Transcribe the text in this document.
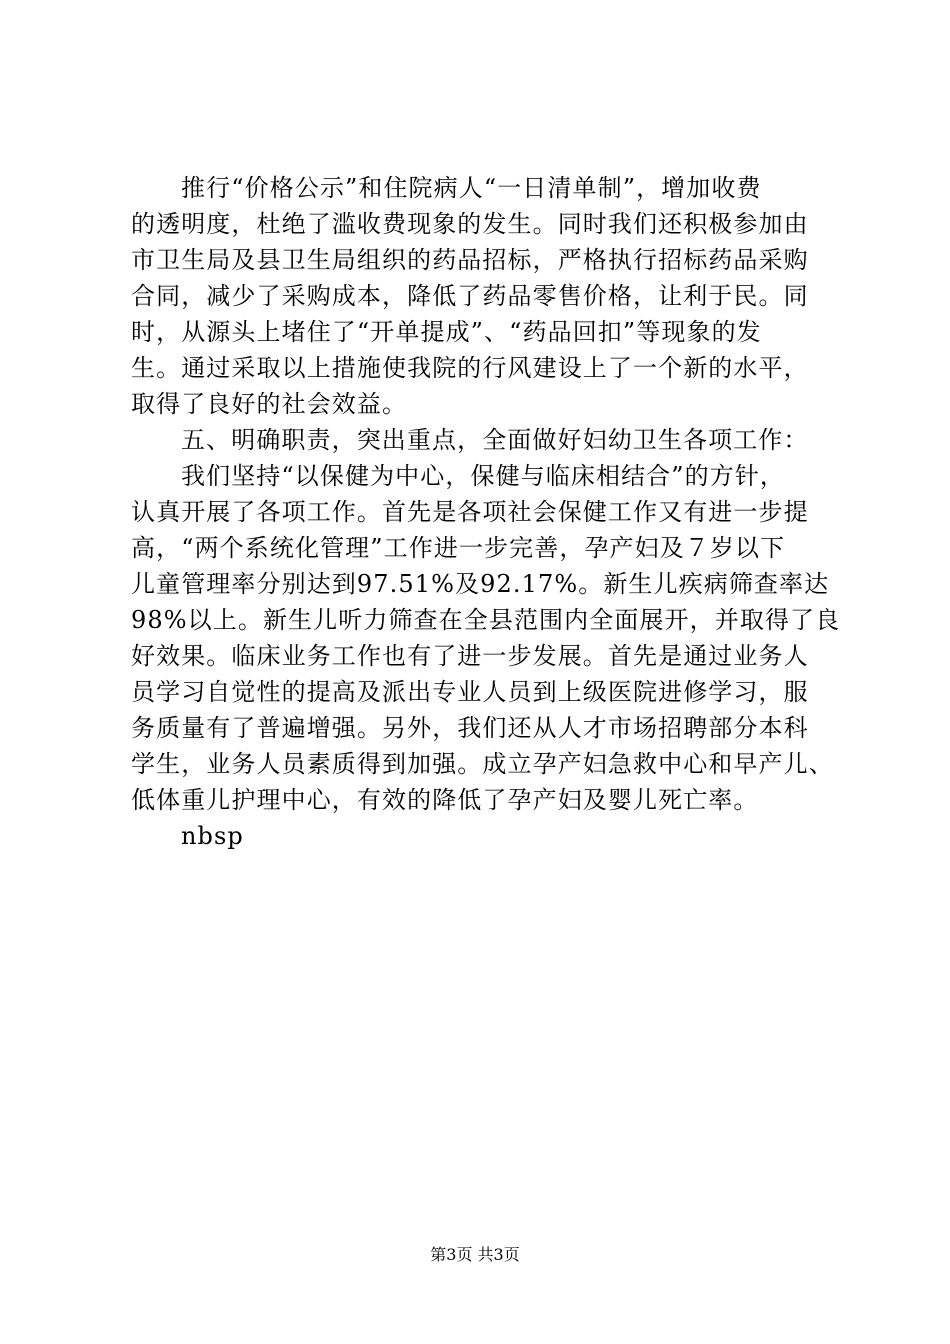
推行“价格公示”和住院病人“一日清单制”，增加收费
的透明度，杜绝了滥收费现象的发生。同时我们还积极参加由
市卫生局及县卫生局组织的药品招标，严格执行招标药品采购
合同，减少了采购成本，降低了药品零售价格，让利于民。同
时，从源头上堵住了“开单提成”、“药品回扣”等现象的发
生。通过采取以上措施使我院的行风建设上了一个新的水平，
取得了良好的社会效益。
五、明确职责，突出重点，全面做好妇幼卫生各项工作：
我们坚持“以保健为中心，保健与临床相结合”的方针，
认真开展了各项工作。首先是各项社会保健工作又有进一步提
高，“两个系统化管理”工作进一步完善，孕产妇及７岁以下
儿童管理率分别达到97.51%及92.17%。新生儿疾病筛查率达
98%以上。新生儿听力筛查在全县范围内全面展开，并取得了良
好效果。临床业务工作也有了进一步发展。首先是通过业务人
员学习自觉性的提高及派出专业人员到上级医院进修学习，服
务质量有了普遍增强。另外，我们还从人才市场招聘部分本科
学生，业务人员素质得到加强。成立孕产妇急救中心和早产儿、
低体重儿护理中心，有效的降低了孕产妇及婴儿死亡率。
nbsp
第3页 共3页
